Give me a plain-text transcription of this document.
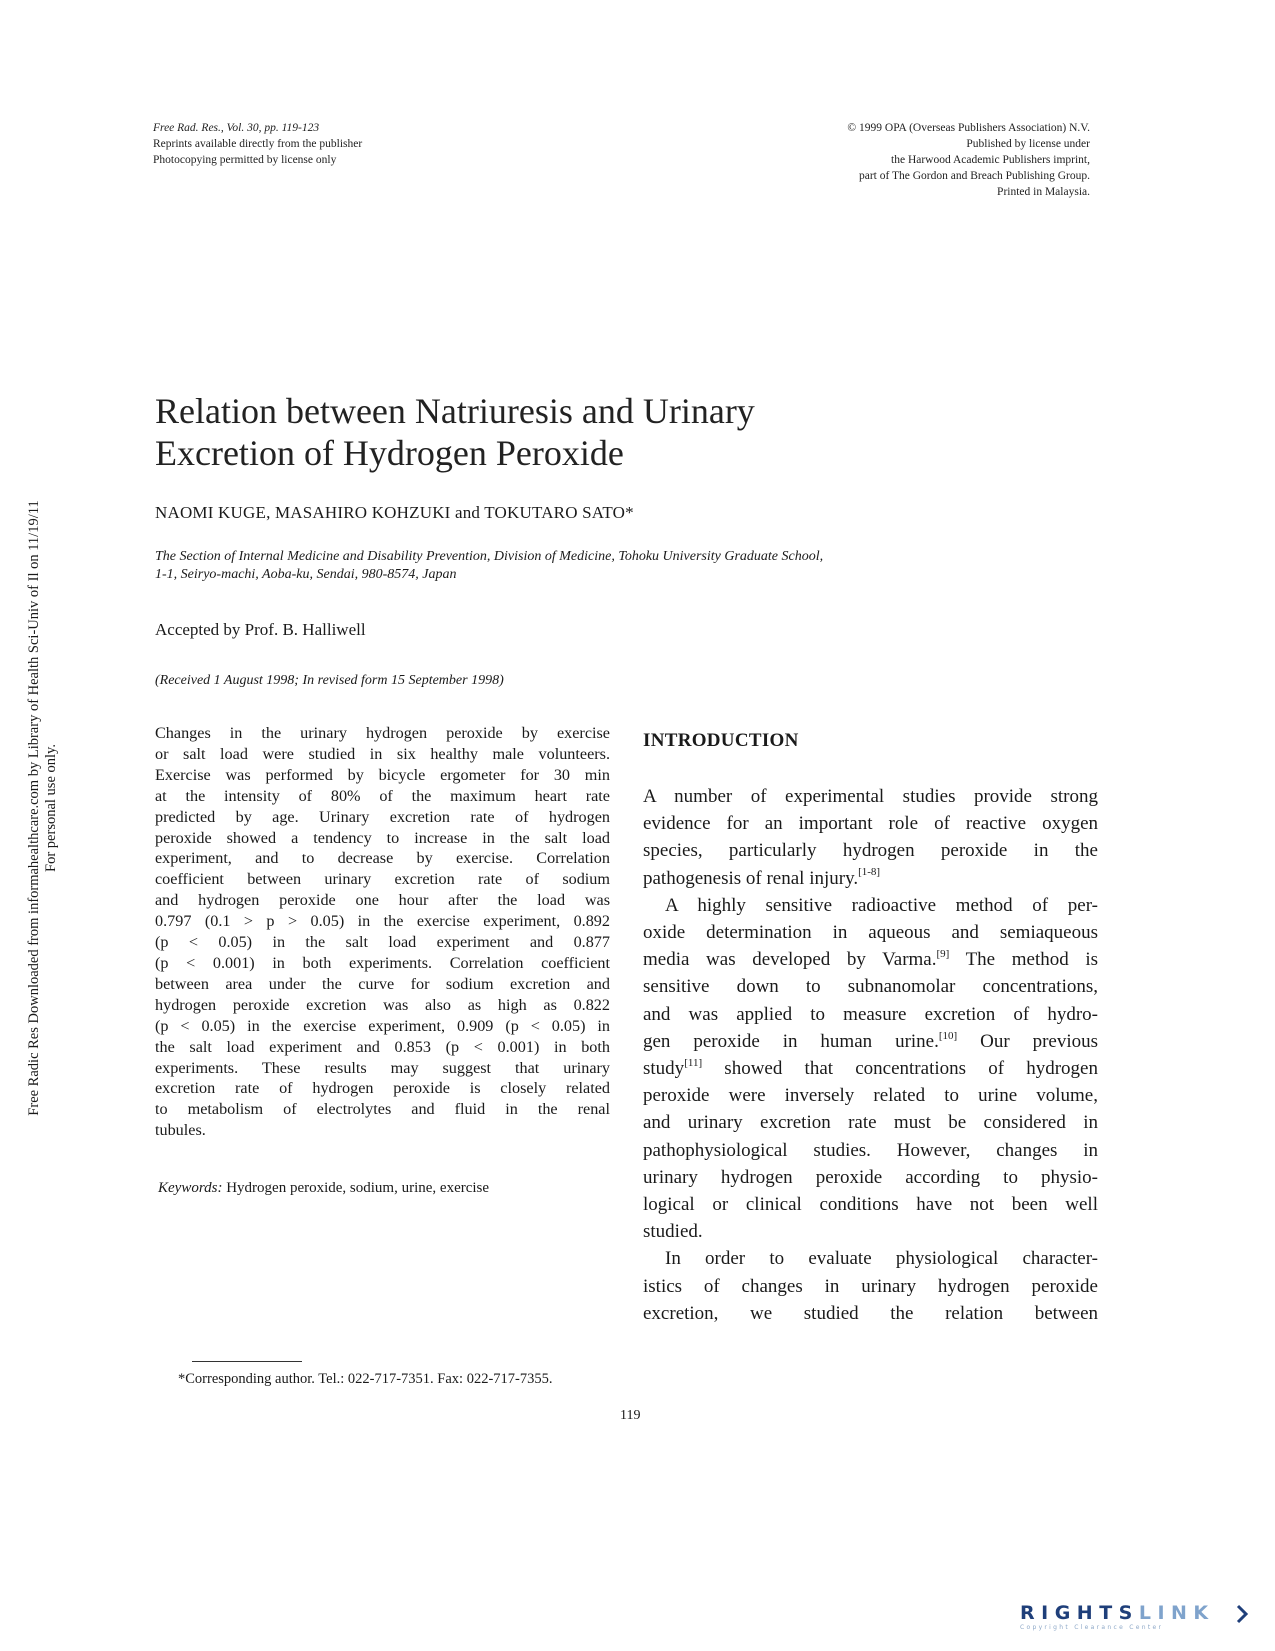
Free Radic Res Downloaded from informahealthcare.com by Library of Health Sci-Univ of Il on 11/19/11 For personal use only.
Free Rad. Res., Vol. 30, pp. 119-123
Reprints available directly from the publisher
Photocopying permitted by license only
© 1999 OPA (Overseas Publishers Association) N.V.
Published by license under
the Harwood Academic Publishers imprint,
part of The Gordon and Breach Publishing Group.
Printed in Malaysia.
Relation between Natriuresis and Urinary
Excretion of Hydrogen Peroxide
NAOMI KUGE, MASAHIRO KOHZUKI and TOKUTARO SATO*
The Section of Internal Medicine and Disability Prevention, Division of Medicine, Tohoku University Graduate School,
1-1, Seiryo-machi, Aoba-ku, Sendai, 980-8574, Japan
Accepted by Prof. B. Halliwell
(Received 1 August 1998; In revised form 15 September 1998)
Changes in the urinary hydrogen peroxide by exercise
or salt load were studied in six healthy male volunteers.
Exercise was performed by bicycle ergometer for 30 min
at the intensity of 80% of the maximum heart rate
predicted by age. Urinary excretion rate of hydrogen
peroxide showed a tendency to increase in the salt load
experiment, and to decrease by exercise. Correlation
coefficient between urinary excretion rate of sodium
and hydrogen peroxide one hour after the load was
0.797 (0.1 > p > 0.05) in the exercise experiment, 0.892
(p < 0.05) in the salt load experiment and 0.877
(p < 0.001) in both experiments. Correlation coefficient
between area under the curve for sodium excretion and
hydrogen peroxide excretion was also as high as 0.822
(p < 0.05) in the exercise experiment, 0.909 (p < 0.05) in
the salt load experiment and 0.853 (p < 0.001) in both
experiments. These results may suggest that urinary
excretion rate of hydrogen peroxide is closely related
to metabolism of electrolytes and fluid in the renal
tubules.
Keywords: Hydrogen peroxide, sodium, urine, exercise
INTRODUCTION
A number of experimental studies provide strong
evidence for an important role of reactive oxygen
species, particularly hydrogen peroxide in the
pathogenesis of renal injury.[1-8]
A highly sensitive radioactive method of per-
oxide determination in aqueous and semiaqueous
media was developed by Varma.[9] The method is
sensitive down to subnanomolar concentrations,
and was applied to measure excretion of hydro-
gen peroxide in human urine.[10] Our previous
study[11] showed that concentrations of hydrogen
peroxide were inversely related to urine volume,
and urinary excretion rate must be considered in
pathophysiological studies. However, changes in
urinary hydrogen peroxide according to physio-
logical or clinical conditions have not been well
studied.
In order to evaluate physiological character-
istics of changes in urinary hydrogen peroxide
excretion, we studied the relation between
*Corresponding author. Tel.: 022-717-7351. Fax: 022-717-7355.
119
RIGHTSLINK
Copyright Clearance Center
